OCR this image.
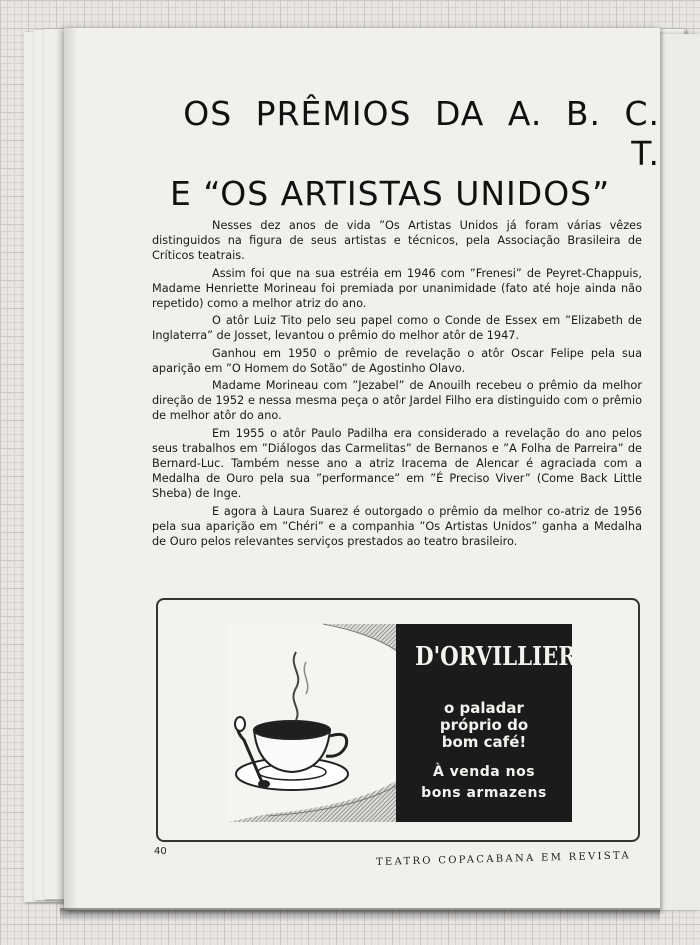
OS PRÊMIOS DA A. B. C. T.
E “OS ARTISTAS UNIDOS”

Nesses dez anos de vida ”Os Artistas Unidos já foram várias vêzes distinguidos na figura de seus artistas e técnicos, pela Associação Brasileira de Críticos teatrais.

Assim foi que na sua estréia em 1946 com ”Frenesi” de Peyret-Chappuis, Madame Henriette Morineau foi premiada por unanimidade (fato até hoje ainda não repetido) como a melhor atriz do ano.

O atôr Luiz Tito pelo seu papel como o Conde de Essex em ”Elizabeth de Inglaterra” de Josset, levantou o prêmio do melhor atôr de 1947.

Ganhou em 1950 o prêmio de revelação o atôr Oscar Felipe pela sua aparição em ”O Homem do Sotão” de Agostinho Olavo.

Madame Morineau com ”Jezabel” de Anouilh recebeu o prêmio da melhor direção de 1952 e nessa mesma peça o atôr Jardel Filho era distinguido com o prêmio de melhor atôr do ano.

Em 1955 o atôr Paulo Padilha era considerado a revelação do ano pelos seus trabalhos em ”Diálogos das Carmelitas” de Bernanos e ”A Folha de Parreira” de Bernard-Luc. Também nesse ano a atriz Iracema de Alencar é agraciada com a Medalha de Ouro pela sua ”performance” em ”É Preciso Viver” (Come Back Little Sheba) de Inge.

E agora à Laura Suarez é outorgado o prêmio da melhor co-atriz de 1956 pela sua aparição em ”Chéri” e a companhia ”Os Artistas Unidos” ganha a Medalha de Ouro pelos relevantes serviços prestados ao teatro brasileiro.

D'ORVILLIERS
o paladar
próprio do
bom café!
À venda nos
bons armazens
40	TEATRO COPACABANA EM REVISTA
